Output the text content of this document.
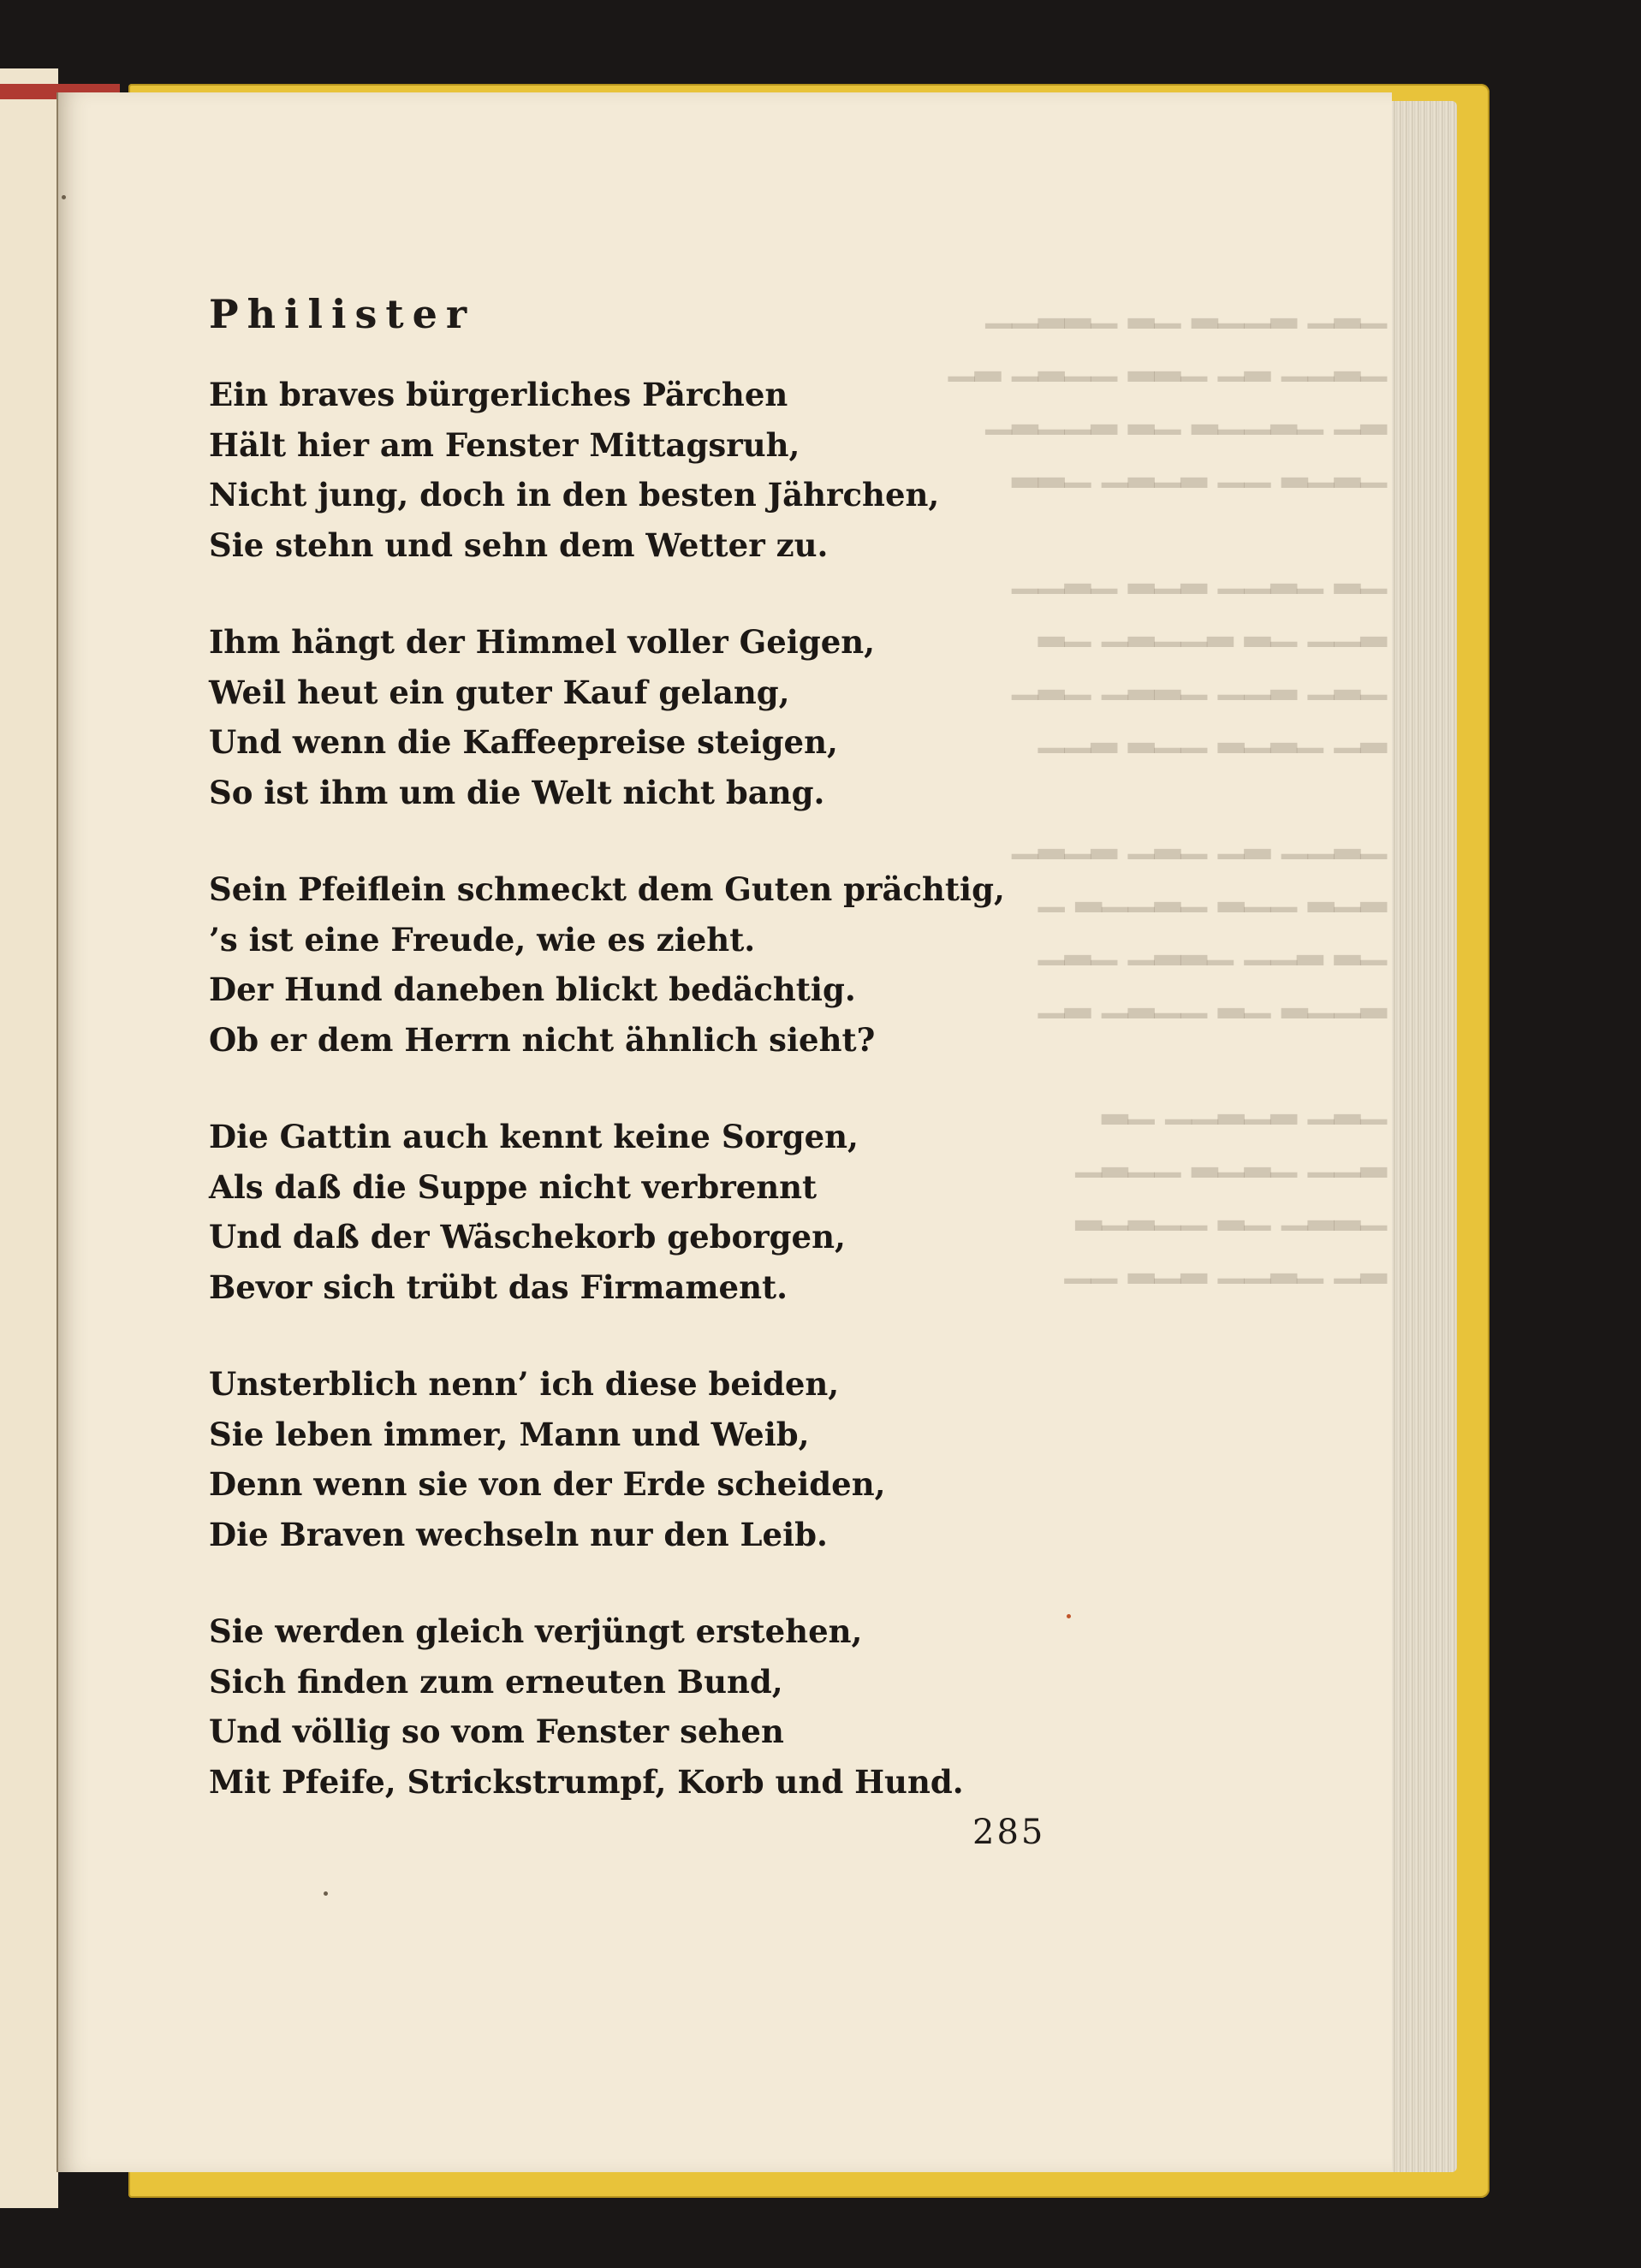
▁▂▁ ▂▁▁▂ ▁▂ ▁▂▂▁▁
▁▂▁▁ ▂▁ ▁▂▂ ▁▁▂▁ ▂▁
▂▁ ▁▂▁▁▂ ▁▂ ▂▁▁▂▁
▁▂▁▂ ▁▁ ▂▁▂▁ ▁▂▂
▁▂ ▁▂▁▁ ▂▁▂ ▁▂▁▁
▂▁▁ ▁▂ ▂▁▁▂▁ ▁▂
▁▂▁ ▂▁▁ ▁▂▂▁ ▁▂▁
▂▁ ▁▂▁▂ ▁▁▂ ▂▁▁
▁▂▁▁ ▂▁ ▁▂▁ ▂▁▂▁
▂▁▂ ▁▁▂ ▁▂▁▁▂ ▁
▁▂ ▂▁▁ ▁▂▂▁ ▁▂▁
▂▁▁▂ ▁▂ ▁▁▂▁ ▂▁
▁▂▁ ▂▁▂▁▁ ▁▂
▂▁▁ ▁▂▁▂ ▁▁▂▁
▁▂▂▁ ▁▂ ▁▁▂▁▂
▂▁ ▁▂▁▁ ▂▁▂ ▁▁
Philister
Ein braves bürgerliches Pärchen
Hält hier am Fenster Mittagsruh,
Nicht jung, doch in den besten Jährchen,
Sie stehn und sehn dem Wetter zu.
Ihm hängt der Himmel voller Geigen,
Weil heut ein guter Kauf gelang,
Und wenn die Kaffeepreise steigen,
So ist ihm um die Welt nicht bang.
Sein Pfeiflein schmeckt dem Guten prächtig,
’s ist eine Freude, wie es zieht.
Der Hund daneben blickt bedächtig.
Ob er dem Herrn nicht ähnlich sieht?
Die Gattin auch kennt keine Sorgen,
Als daß die Suppe nicht verbrennt
Und daß der Wäschekorb geborgen,
Bevor sich trübt das Firmament.
Unsterblich nenn’ ich diese beiden,
Sie leben immer, Mann und Weib,
Denn wenn sie von der Erde scheiden,
Die Braven wechseln nur den Leib.
Sie werden gleich verjüngt erstehen,
Sich finden zum erneuten Bund,
Und völlig so vom Fenster sehen
Mit Pfeife, Strickstrumpf, Korb und Hund.
285
